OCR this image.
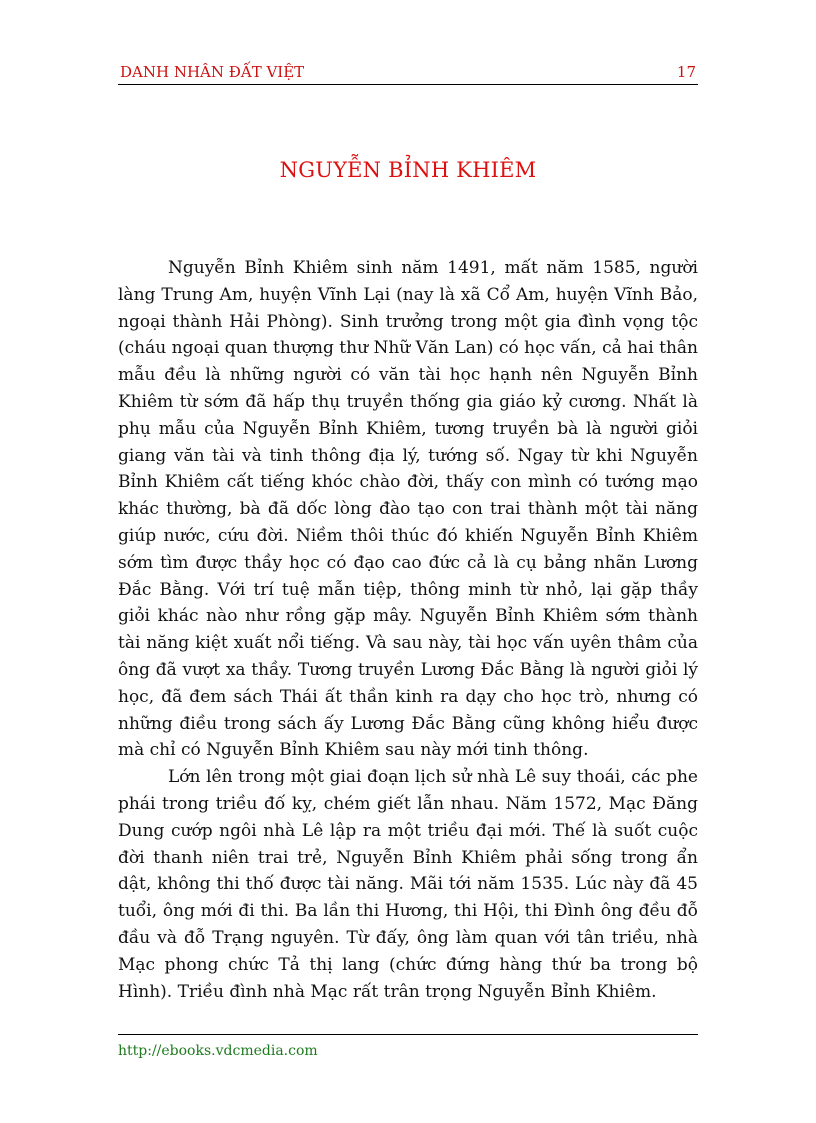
DANH NHÂN ĐẤT VIỆT	17
NGUYỄN BỈNH KHIÊM

Nguyễn Bỉnh Khiêm sinh năm 1491, mất năm 1585, người làng Trung Am, huyện Vĩnh Lại (nay là xã Cổ Am, huyện Vĩnh Bảo, ngoại thành Hải Phòng). Sinh trưởng trong một gia đình vọng tộc (cháu ngoại quan thượng thư Nhữ Văn Lan) có học vấn, cả hai thân mẫu đều là những người có văn tài học hạnh nên Nguyễn Bỉnh Khiêm từ sớm đã hấp thụ truyền thống gia giáo kỷ cương. Nhất là phụ mẫu của Nguyễn Bỉnh Khiêm, tương truyền bà là người giỏi giang văn tài và tinh thông địa lý, tướng số. Ngay từ khi Nguyễn Bỉnh Khiêm cất tiếng khóc chào đời, thấy con mình có tướng mạo khác thường, bà đã dốc lòng đào tạo con trai thành một tài năng giúp nước, cứu đời. Niềm thôi thúc đó khiến Nguyễn Bỉnh Khiêm sớm tìm được thầy học có đạo cao đức cả là cụ bảng nhãn Lương Đắc Bằng. Với trí tuệ mẫn tiệp, thông minh từ nhỏ, lại gặp thầy giỏi khác nào như rồng gặp mây. Nguyễn Bỉnh Khiêm sớm thành tài năng kiệt xuất nổi tiếng. Và sau này, tài học vấn uyên thâm của ông đã vượt xa thầy. Tương truyền Lương Đắc Bằng là người giỏi lý học, đã đem sách Thái ất thần kinh ra dạy cho học trò, nhưng có những điều trong sách ấy Lương Đắc Bằng cũng không hiểu được mà chỉ có Nguyễn Bỉnh Khiêm sau này mới tinh thông.

Lớn lên trong một giai đoạn lịch sử nhà Lê suy thoái, các phe phái trong triều đố kỵ, chém giết lẫn nhau. Năm 1572, Mạc Đăng Dung cướp ngôi nhà Lê lập ra một triều đại mới. Thế là suốt cuộc đời thanh niên trai trẻ, Nguyễn Bỉnh Khiêm phải sống trong ẩn dật, không thi thố được tài năng. Mãi tới năm 1535. Lúc này đã 45 tuổi, ông mới đi thi. Ba lần thi Hương, thi Hội, thi Đình ông đều đỗ đầu và đỗ Trạng nguyên. Từ đấy, ông làm quan với tân triều, nhà Mạc phong chức Tả thị lang (chức đứng hàng thứ ba trong bộ Hình). Triều đình nhà Mạc rất trân trọng Nguyễn Bỉnh Khiêm.

http://ebooks.vdcmedia.com
